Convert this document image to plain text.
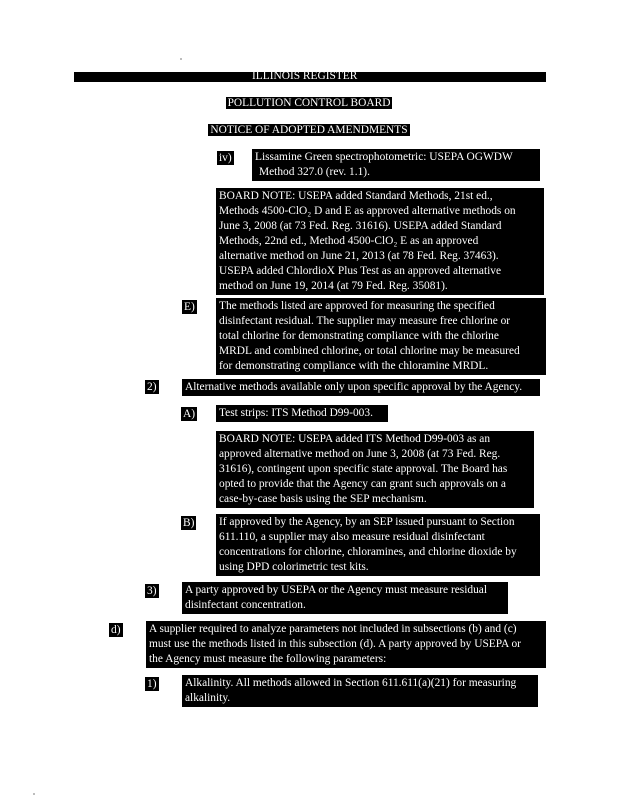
ILLINOIS REGISTER
POLLUTION CONTROL BOARD
NOTICE OF ADOPTED AMENDMENTS
iv) Lissamine Green spectrophotometric: USEPA OGWDW
Method 327.0 (rev. 1.1).
BOARD NOTE: USEPA added Standard Methods, 21st ed.,
Methods 4500-ClO₂ D and E as approved alternative methods on
June 3, 2008 (at 73 Fed. Reg. 31616). USEPA added Standard
Methods, 22nd ed., Method 4500-ClO₂ E as an approved
alternative method on June 21, 2013 (at 78 Fed. Reg. 37463).
USEPA added ChlordioX Plus Test as an approved alternative
method on June 19, 2014 (at 79 Fed. Reg. 35081).
E) The methods listed are approved for measuring the specified
disinfectant residual. The supplier may measure free chlorine or
total chlorine for demonstrating compliance with the chlorine
MRDL and combined chlorine, or total chlorine may be measured
for demonstrating compliance with the chloramine MRDL.
2)	Alternative methods available only upon specific approval by the Agency.
A) Test strips: ITS Method D99-003.
BOARD NOTE: USEPA added ITS Method D99-003 as an
approved alternative method on June 3, 2008 (at 73 Fed. Reg.
31616), contingent upon specific state approval. The Board has
opted to provide that the Agency can grant such approvals on a
case-by-case basis using the SEP mechanism.
B) If approved by the Agency, by an SEP issued pursuant to Section
611.110, a supplier may also measure residual disinfectant
concentrations for chlorine, chloramines, and chlorine dioxide by
using DPD colorimetric test kits.
3)	A party approved by USEPA or the Agency must measure residual
disinfectant concentration.
d)	A supplier required to analyze parameters not included in subsections (b) and (c)
must use the methods listed in this subsection (d). A party approved by USEPA or
the Agency must measure the following parameters:
1)	Alkalinity. All methods allowed in Section 611.611(a)(21) for measuring
alkalinity.
